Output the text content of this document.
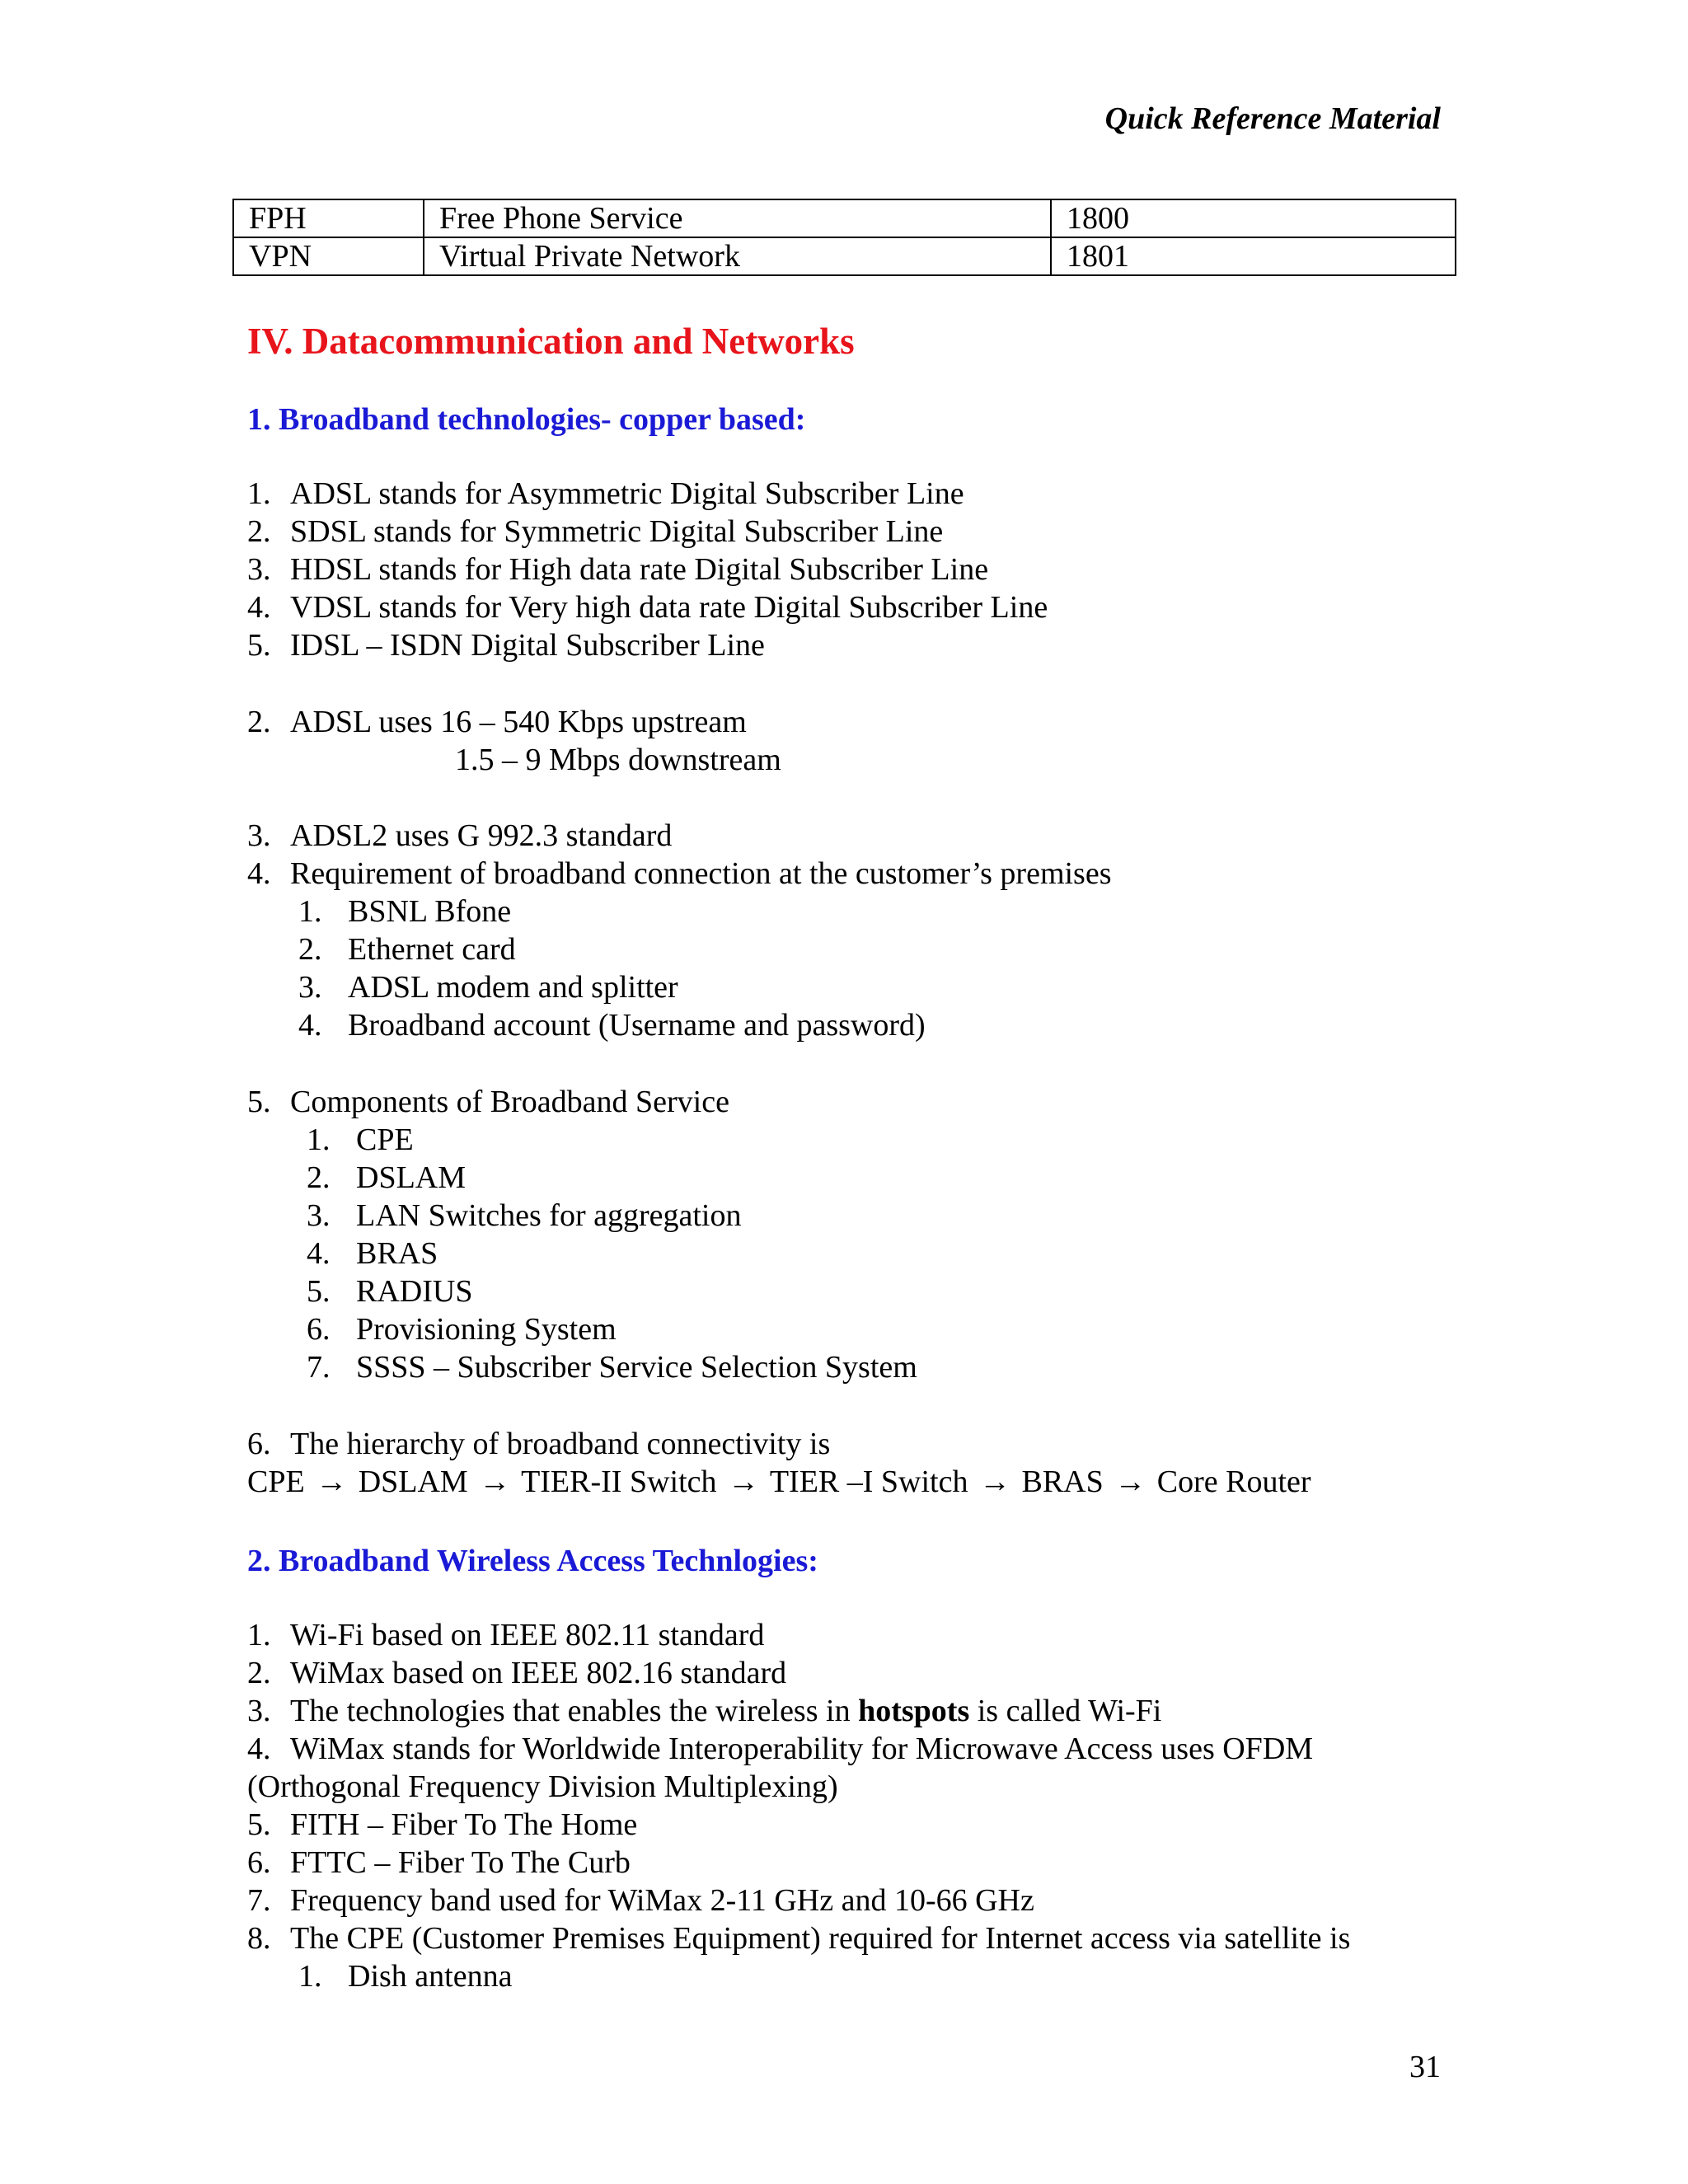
Quick Reference Material
FPH	Free Phone Service	1800
VPN	Virtual Private Network	1801
IV. Datacommunication and Networks
1. Broadband technologies- copper based:
1. ADSL stands for Asymmetric Digital Subscriber Line
2. SDSL stands for Symmetric Digital Subscriber Line
3. HDSL stands for High data rate Digital Subscriber Line
4. VDSL stands for Very high data rate Digital Subscriber Line
5. IDSL – ISDN Digital Subscriber Line
2. ADSL uses 16 – 540 Kbps upstream
1.5 – 9 Mbps downstream
3. ADSL2 uses G 992.3 standard
4. Requirement of broadband connection at the customer’s premises
1. BSNL Bfone
2. Ethernet card
3. ADSL modem and splitter
4. Broadband account (Username and password)
5. Components of Broadband Service
1. CPE
2. DSLAM
3. LAN Switches for aggregation
4. BRAS
5. RADIUS
6. Provisioning System
7. SSSS – Subscriber Service Selection System
6. The hierarchy of broadband connectivity is
CPE → DSLAM → TIER-II Switch → TIER –I Switch → BRAS → Core Router
2. Broadband Wireless Access Technlogies:
1. Wi-Fi based on IEEE 802.11 standard
2. WiMax based on IEEE 802.16 standard
3. The technologies that enables the wireless in hotspots is called Wi-Fi
4. WiMax stands for Worldwide Interoperability for Microwave Access uses OFDM
(Orthogonal Frequency Division Multiplexing)
5. FITH – Fiber To The Home
6. FTTC – Fiber To The Curb
7. Frequency band used for WiMax 2-11 GHz and 10-66 GHz
8. The CPE (Customer Premises Equipment) required for Internet access via satellite is
1. Dish antenna
31
